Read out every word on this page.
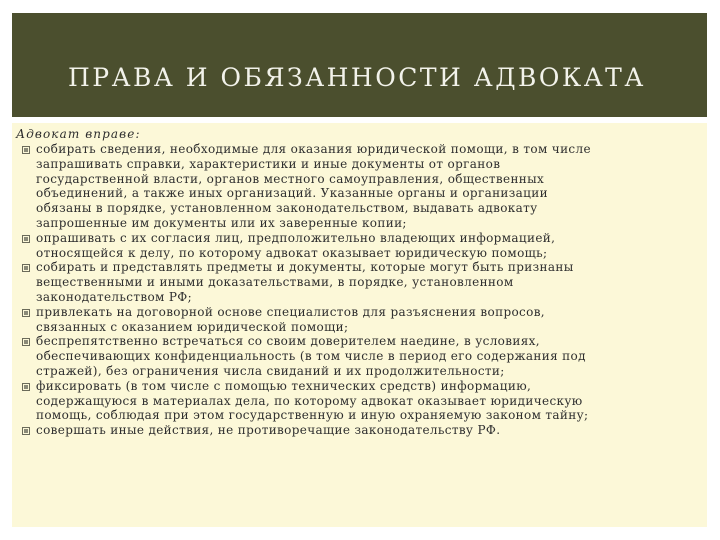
ПРАВА И ОБЯЗАННОСТИ АДВОКАТА
Адвокат вправе:
собирать сведения, необходимые для оказания юридической помощи, в том числе
запрашивать справки, характеристики и иные документы от органов
государственной власти, органов местного самоуправления, общественных
объединений, а также иных организаций. Указанные органы и организации
обязаны в порядке, установленном законодательством, выдавать адвокату
запрошенные им документы или их заверенные копии;
опрашивать с их согласия лиц, предположительно владеющих информацией,
относящейся к делу, по которому адвокат оказывает юридическую помощь;
собирать и представлять предметы и документы, которые могут быть признаны
вещественными и иными доказательствами, в порядке, установленном
законодательством РФ;
привлекать на договорной основе специалистов для разъяснения вопросов,
связанных с оказанием юридической помощи;
беспрепятственно встречаться со своим доверителем наедине, в условиях,
обеспечивающих конфиденциальность (в том числе в период его содержания под
стражей), без ограничения числа свиданий и их продолжительности;
фиксировать (в том числе с помощью технических средств) информацию,
содержащуюся в материалах дела, по которому адвокат оказывает юридическую
помощь, соблюдая при этом государственную и иную охраняемую законом тайну;
совершать иные действия, не противоречащие законодательству РФ.
